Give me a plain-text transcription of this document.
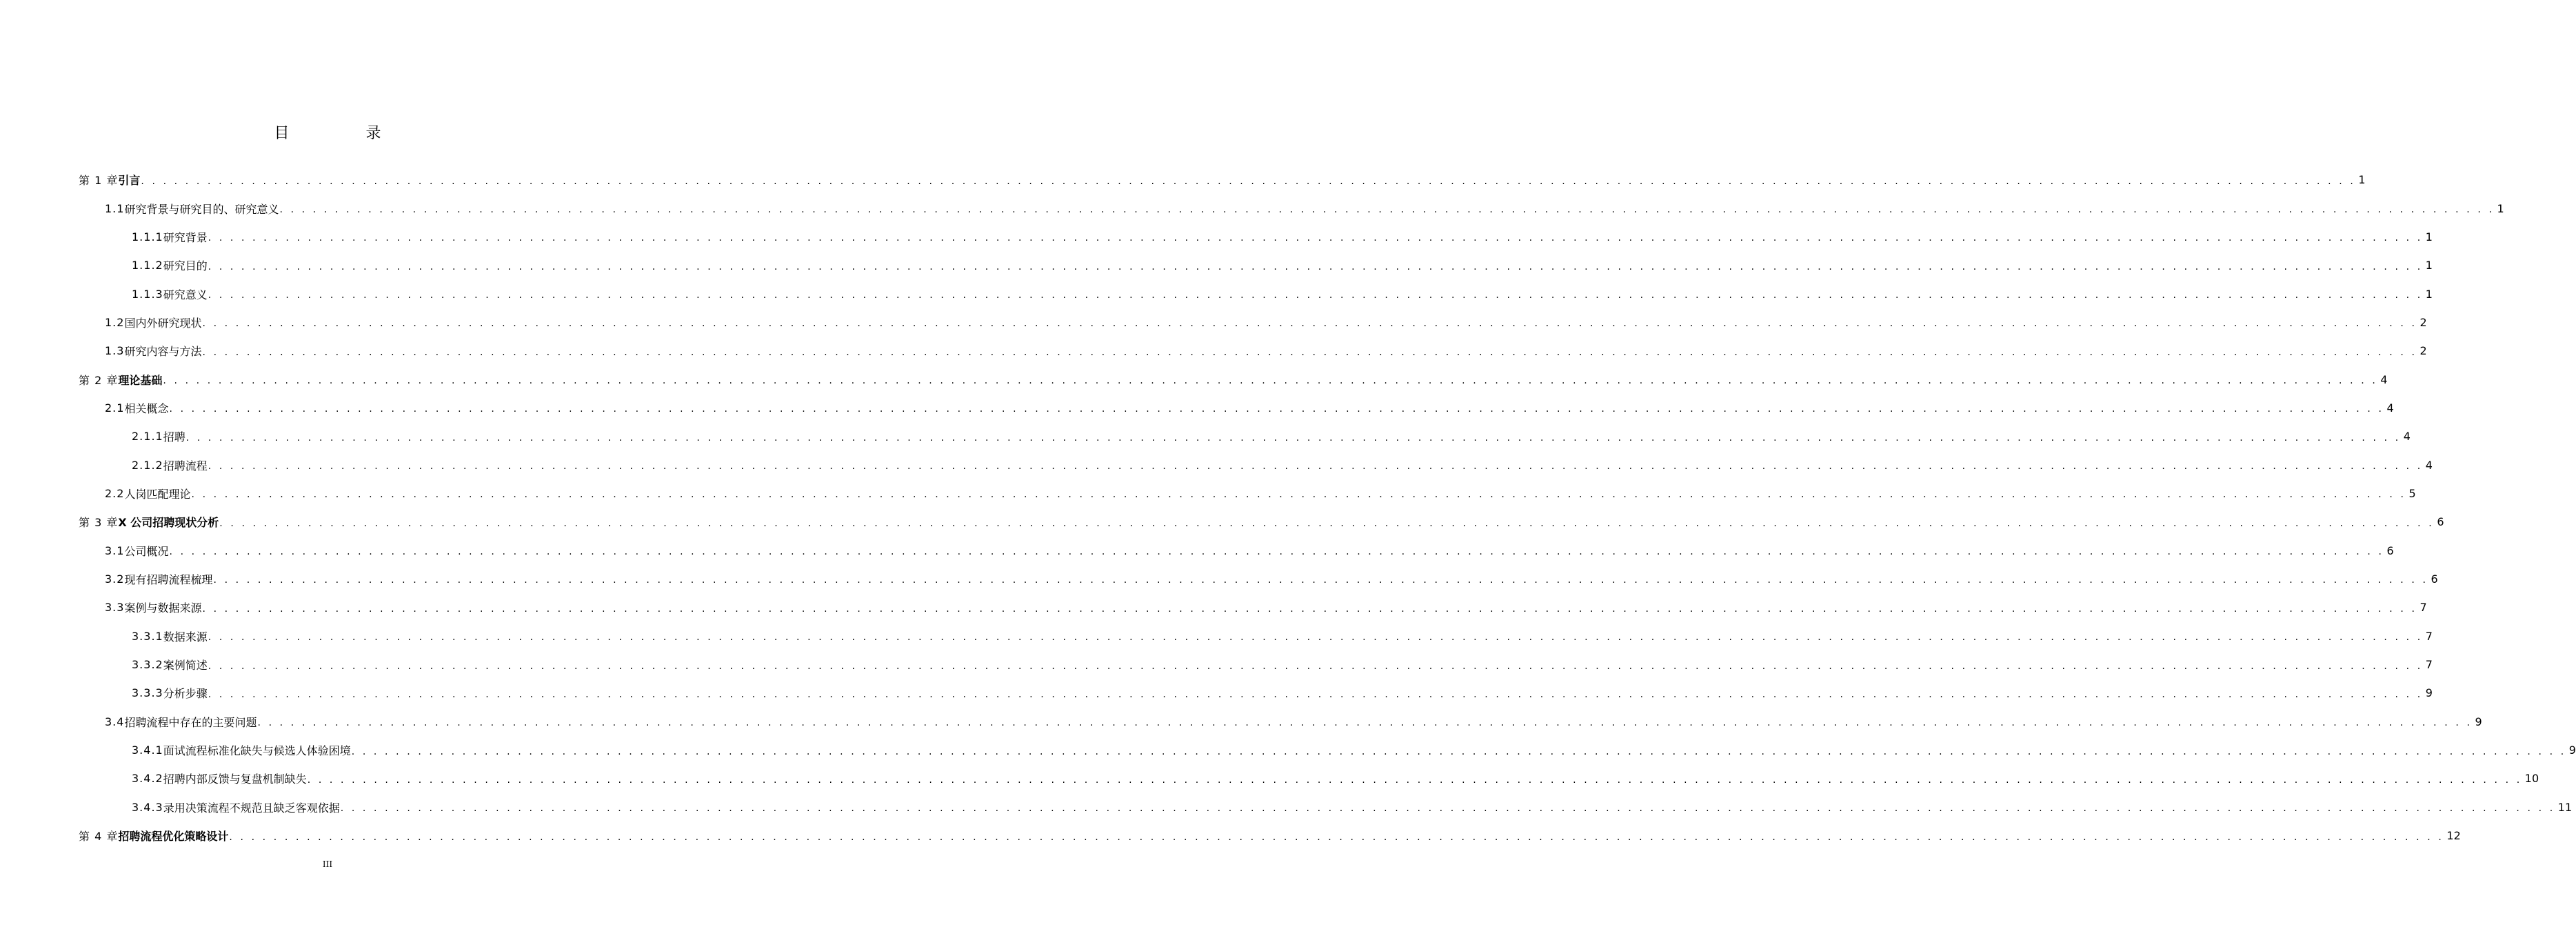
目 录
第 1 章 引言 . . . . . . . . . . . . . . . . . . . . . . . . . . . . . . . . . . . . . . . . . . . . . . . . . . . . . . . . . . . . . . . . . . . . . . . . . . . . . . . . . . . . . . . . . . . . . . . . . . . . . . . . . . . . . . . . . . . . . . . . . . . . . . . . . . . . . . . . . . . . . . . . . . . . . . . . . . . . . . . . . . . . . . . . . . . . . . . . . . . . . . . . . . . . . . . . . . . . . . . . 1
1.1 研究背景与研究目的、研究意义 . . . . . . . . . . . . . . . . . . . . . . . . . . . . . . . . . . . . . . . . . . . . . . . . . . . . . . . . . . . . . . . . . . . . . . . . . . . . . . . . . . . . . . . . . . . . . . . . . . . . . . . . . . . . . . . . . . . . . . . . . . . . . . . . . . . . . . . . . . . . . . . . . . . . . . . . . . . . . . . . . . . . . . . . . . . . . . . . . . . . . . . . . . . . . . . . . . . . . . . . 1
1.1.1 研究背景 . . . . . . . . . . . . . . . . . . . . . . . . . . . . . . . . . . . . . . . . . . . . . . . . . . . . . . . . . . . . . . . . . . . . . . . . . . . . . . . . . . . . . . . . . . . . . . . . . . . . . . . . . . . . . . . . . . . . . . . . . . . . . . . . . . . . . . . . . . . . . . . . . . . . . . . . . . . . . . . . . . . . . . . . . . . . . . . . . . . . . . . . . . . . . . . . . . . . . . . . 1
1.1.2 研究目的 . . . . . . . . . . . . . . . . . . . . . . . . . . . . . . . . . . . . . . . . . . . . . . . . . . . . . . . . . . . . . . . . . . . . . . . . . . . . . . . . . . . . . . . . . . . . . . . . . . . . . . . . . . . . . . . . . . . . . . . . . . . . . . . . . . . . . . . . . . . . . . . . . . . . . . . . . . . . . . . . . . . . . . . . . . . . . . . . . . . . . . . . . . . . . . . . . . . . . . . . 1
1.1.3 研究意义 . . . . . . . . . . . . . . . . . . . . . . . . . . . . . . . . . . . . . . . . . . . . . . . . . . . . . . . . . . . . . . . . . . . . . . . . . . . . . . . . . . . . . . . . . . . . . . . . . . . . . . . . . . . . . . . . . . . . . . . . . . . . . . . . . . . . . . . . . . . . . . . . . . . . . . . . . . . . . . . . . . . . . . . . . . . . . . . . . . . . . . . . . . . . . . . . . . . . . . . . 1
1.2 国内外研究现状 . . . . . . . . . . . . . . . . . . . . . . . . . . . . . . . . . . . . . . . . . . . . . . . . . . . . . . . . . . . . . . . . . . . . . . . . . . . . . . . . . . . . . . . . . . . . . . . . . . . . . . . . . . . . . . . . . . . . . . . . . . . . . . . . . . . . . . . . . . . . . . . . . . . . . . . . . . . . . . . . . . . . . . . . . . . . . . . . . . . . . . . . . . . . . . . . . . . . . . . . 2
1.3 研究内容与方法 . . . . . . . . . . . . . . . . . . . . . . . . . . . . . . . . . . . . . . . . . . . . . . . . . . . . . . . . . . . . . . . . . . . . . . . . . . . . . . . . . . . . . . . . . . . . . . . . . . . . . . . . . . . . . . . . . . . . . . . . . . . . . . . . . . . . . . . . . . . . . . . . . . . . . . . . . . . . . . . . . . . . . . . . . . . . . . . . . . . . . . . . . . . . . . . . . . . . . . . . 2
第 2 章 理论基础 . . . . . . . . . . . . . . . . . . . . . . . . . . . . . . . . . . . . . . . . . . . . . . . . . . . . . . . . . . . . . . . . . . . . . . . . . . . . . . . . . . . . . . . . . . . . . . . . . . . . . . . . . . . . . . . . . . . . . . . . . . . . . . . . . . . . . . . . . . . . . . . . . . . . . . . . . . . . . . . . . . . . . . . . . . . . . . . . . . . . . . . . . . . . . . . . . . . . . . . . 4
2.1 相关概念 . . . . . . . . . . . . . . . . . . . . . . . . . . . . . . . . . . . . . . . . . . . . . . . . . . . . . . . . . . . . . . . . . . . . . . . . . . . . . . . . . . . . . . . . . . . . . . . . . . . . . . . . . . . . . . . . . . . . . . . . . . . . . . . . . . . . . . . . . . . . . . . . . . . . . . . . . . . . . . . . . . . . . . . . . . . . . . . . . . . . . . . . . . . . . . . . . . . . . . . . 4
2.1.1 招聘 . . . . . . . . . . . . . . . . . . . . . . . . . . . . . . . . . . . . . . . . . . . . . . . . . . . . . . . . . . . . . . . . . . . . . . . . . . . . . . . . . . . . . . . . . . . . . . . . . . . . . . . . . . . . . . . . . . . . . . . . . . . . . . . . . . . . . . . . . . . . . . . . . . . . . . . . . . . . . . . . . . . . . . . . . . . . . . . . . . . . . . . . . . . . . . . . . . . . . . . . 4
2.1.2 招聘流程 . . . . . . . . . . . . . . . . . . . . . . . . . . . . . . . . . . . . . . . . . . . . . . . . . . . . . . . . . . . . . . . . . . . . . . . . . . . . . . . . . . . . . . . . . . . . . . . . . . . . . . . . . . . . . . . . . . . . . . . . . . . . . . . . . . . . . . . . . . . . . . . . . . . . . . . . . . . . . . . . . . . . . . . . . . . . . . . . . . . . . . . . . . . . . . . . . . . . . . . . 4
2.2 人岗匹配理论 . . . . . . . . . . . . . . . . . . . . . . . . . . . . . . . . . . . . . . . . . . . . . . . . . . . . . . . . . . . . . . . . . . . . . . . . . . . . . . . . . . . . . . . . . . . . . . . . . . . . . . . . . . . . . . . . . . . . . . . . . . . . . . . . . . . . . . . . . . . . . . . . . . . . . . . . . . . . . . . . . . . . . . . . . . . . . . . . . . . . . . . . . . . . . . . . . . . . . . . . 5
第 3 章 X 公司招聘现状分析 . . . . . . . . . . . . . . . . . . . . . . . . . . . . . . . . . . . . . . . . . . . . . . . . . . . . . . . . . . . . . . . . . . . . . . . . . . . . . . . . . . . . . . . . . . . . . . . . . . . . . . . . . . . . . . . . . . . . . . . . . . . . . . . . . . . . . . . . . . . . . . . . . . . . . . . . . . . . . . . . . . . . . . . . . . . . . . . . . . . . . . . . . . . . . . . . . . . . . . . . 6
3.1 公司概况 . . . . . . . . . . . . . . . . . . . . . . . . . . . . . . . . . . . . . . . . . . . . . . . . . . . . . . . . . . . . . . . . . . . . . . . . . . . . . . . . . . . . . . . . . . . . . . . . . . . . . . . . . . . . . . . . . . . . . . . . . . . . . . . . . . . . . . . . . . . . . . . . . . . . . . . . . . . . . . . . . . . . . . . . . . . . . . . . . . . . . . . . . . . . . . . . . . . . . . . . 6
3.2 现有招聘流程梳理 . . . . . . . . . . . . . . . . . . . . . . . . . . . . . . . . . . . . . . . . . . . . . . . . . . . . . . . . . . . . . . . . . . . . . . . . . . . . . . . . . . . . . . . . . . . . . . . . . . . . . . . . . . . . . . . . . . . . . . . . . . . . . . . . . . . . . . . . . . . . . . . . . . . . . . . . . . . . . . . . . . . . . . . . . . . . . . . . . . . . . . . . . . . . . . . . . . . . . . . . 6
3.3 案例与数据来源 . . . . . . . . . . . . . . . . . . . . . . . . . . . . . . . . . . . . . . . . . . . . . . . . . . . . . . . . . . . . . . . . . . . . . . . . . . . . . . . . . . . . . . . . . . . . . . . . . . . . . . . . . . . . . . . . . . . . . . . . . . . . . . . . . . . . . . . . . . . . . . . . . . . . . . . . . . . . . . . . . . . . . . . . . . . . . . . . . . . . . . . . . . . . . . . . . . . . . . . . 7
3.3.1 数据来源 . . . . . . . . . . . . . . . . . . . . . . . . . . . . . . . . . . . . . . . . . . . . . . . . . . . . . . . . . . . . . . . . . . . . . . . . . . . . . . . . . . . . . . . . . . . . . . . . . . . . . . . . . . . . . . . . . . . . . . . . . . . . . . . . . . . . . . . . . . . . . . . . . . . . . . . . . . . . . . . . . . . . . . . . . . . . . . . . . . . . . . . . . . . . . . . . . . . . . . . . 7
3.3.2 案例简述 . . . . . . . . . . . . . . . . . . . . . . . . . . . . . . . . . . . . . . . . . . . . . . . . . . . . . . . . . . . . . . . . . . . . . . . . . . . . . . . . . . . . . . . . . . . . . . . . . . . . . . . . . . . . . . . . . . . . . . . . . . . . . . . . . . . . . . . . . . . . . . . . . . . . . . . . . . . . . . . . . . . . . . . . . . . . . . . . . . . . . . . . . . . . . . . . . . . . . . . . 7
3.3.3 分析步骤 . . . . . . . . . . . . . . . . . . . . . . . . . . . . . . . . . . . . . . . . . . . . . . . . . . . . . . . . . . . . . . . . . . . . . . . . . . . . . . . . . . . . . . . . . . . . . . . . . . . . . . . . . . . . . . . . . . . . . . . . . . . . . . . . . . . . . . . . . . . . . . . . . . . . . . . . . . . . . . . . . . . . . . . . . . . . . . . . . . . . . . . . . . . . . . . . . . . . . . . . 9
3.4 招聘流程中存在的主要问题 . . . . . . . . . . . . . . . . . . . . . . . . . . . . . . . . . . . . . . . . . . . . . . . . . . . . . . . . . . . . . . . . . . . . . . . . . . . . . . . . . . . . . . . . . . . . . . . . . . . . . . . . . . . . . . . . . . . . . . . . . . . . . . . . . . . . . . . . . . . . . . . . . . . . . . . . . . . . . . . . . . . . . . . . . . . . . . . . . . . . . . . . . . . . . . . . . . . . . . . . 9
3.4.1 面试流程标准化缺失与候选人体验困境 . . . . . . . . . . . . . . . . . . . . . . . . . . . . . . . . . . . . . . . . . . . . . . . . . . . . . . . . . . . . . . . . . . . . . . . . . . . . . . . . . . . . . . . . . . . . . . . . . . . . . . . . . . . . . . . . . . . . . . . . . . . . . . . . . . . . . . . . . . . . . . . . . . . . . . . . . . . . . . . . . . . . . . . . . . . . . . . . . . . . . . . . . . . . . . . . . . . . . . . . 9
3.4.2 招聘内部反馈与复盘机制缺失 . . . . . . . . . . . . . . . . . . . . . . . . . . . . . . . . . . . . . . . . . . . . . . . . . . . . . . . . . . . . . . . . . . . . . . . . . . . . . . . . . . . . . . . . . . . . . . . . . . . . . . . . . . . . . . . . . . . . . . . . . . . . . . . . . . . . . . . . . . . . . . . . . . . . . . . . . . . . . . . . . . . . . . . . . . . . . . . . . . . . . . . . . . . . . . . . . . . . . . . . 10
3.4.3 录用决策流程不规范且缺乏客观依据 . . . . . . . . . . . . . . . . . . . . . . . . . . . . . . . . . . . . . . . . . . . . . . . . . . . . . . . . . . . . . . . . . . . . . . . . . . . . . . . . . . . . . . . . . . . . . . . . . . . . . . . . . . . . . . . . . . . . . . . . . . . . . . . . . . . . . . . . . . . . . . . . . . . . . . . . . . . . . . . . . . . . . . . . . . . . . . . . . . . . . . . . . . . . . . . . . . . . . . . . 11
第 4 章 招聘流程优化策略设计 . . . . . . . . . . . . . . . . . . . . . . . . . . . . . . . . . . . . . . . . . . . . . . . . . . . . . . . . . . . . . . . . . . . . . . . . . . . . . . . . . . . . . . . . . . . . . . . . . . . . . . . . . . . . . . . . . . . . . . . . . . . . . . . . . . . . . . . . . . . . . . . . . . . . . . . . . . . . . . . . . . . . . . . . . . . . . . . . . . . . . . . . . . . . . . . . . . . . . . . . 12
III
